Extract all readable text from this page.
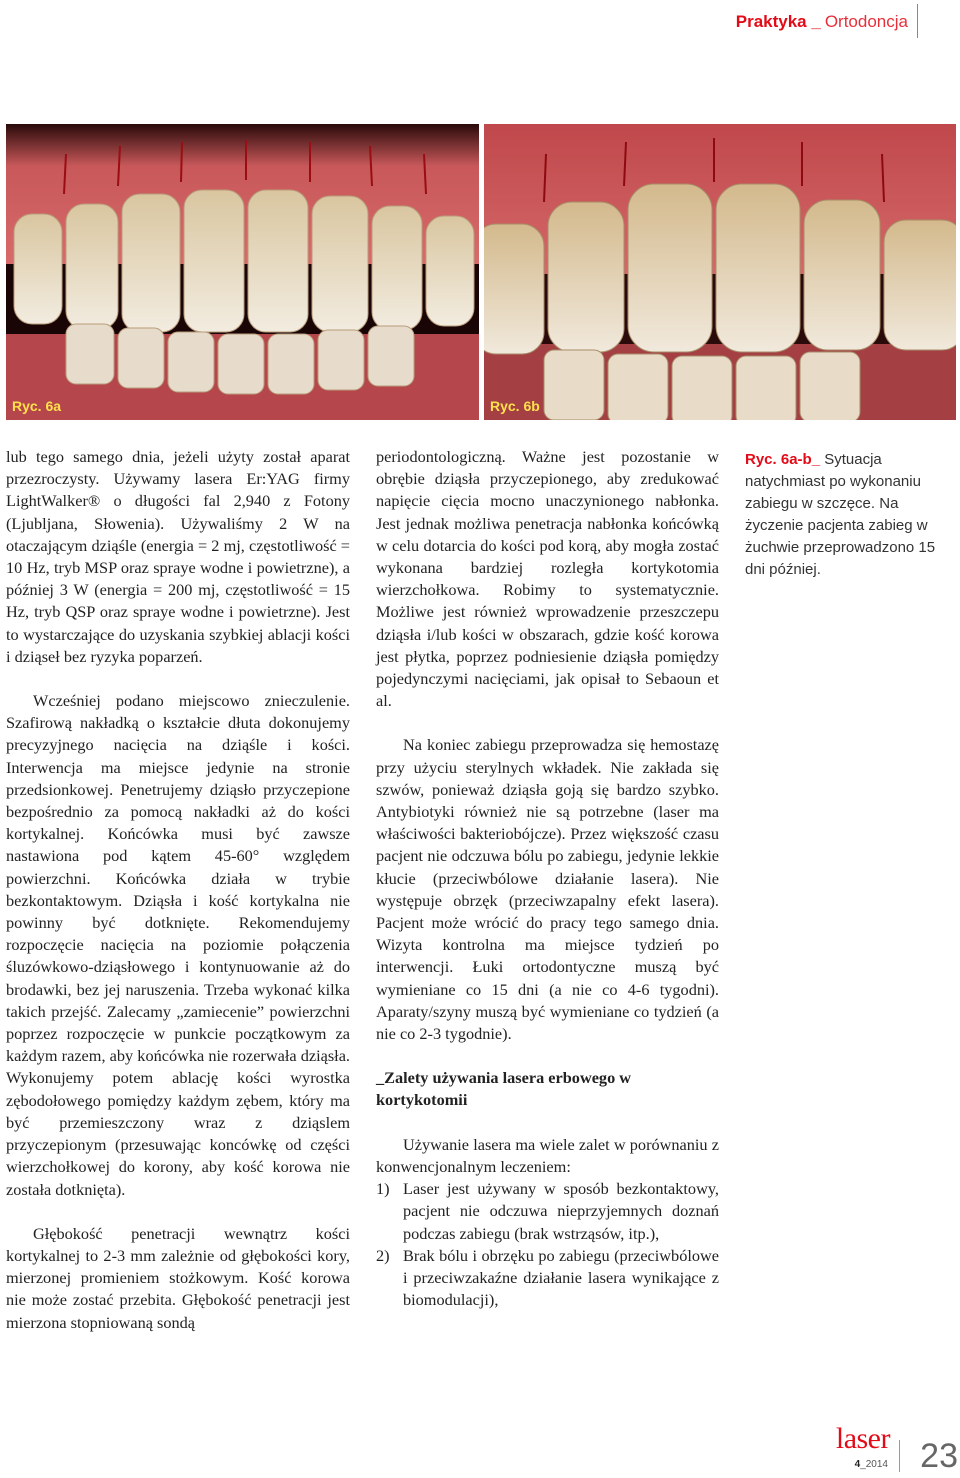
Praktyka _ Ortodoncja
Ryc. 6a	Ryc. 6b

lub tego samego dnia, jeżeli użyty został aparat przezroczysty. Używamy lasera Er:YAG firmy LightWalker® o długości fal 2,940 z Fotony (Ljubljana, Słowenia). Używaliśmy 2 W na otaczającym dziąśle (energia = 2 mj, częstotliwość = 10 Hz, tryb MSP oraz spraye wodne i powietrzne), a później 3 W (energia = 200 mj, częstotliwość = 15 Hz, tryb QSP oraz spraye wodne i powietrzne). Jest to wystarczające do uzyskania szybkiej ablacji kości i dziąseł bez ryzyka poparzeń.

Wcześniej podano miejscowo znieczulenie. Szafirową nakładką o kształcie dłuta dokonujemy precyzyjnego nacięcia na dziąśle i kości. Interwencja ma miejsce jedynie na stronie przedsionkowej. Penetrujemy dziąsło przyczepione bezpośrednio za pomocą nakładki aż do kości kortykalnej. Końcówka musi być zawsze nastawiona pod kątem 45-60° względem powierzchni. Końcówka działa w trybie bezkontaktowym. Dziąsła i kość kortykalna nie powinny być dotknięte. Rekomendujemy rozpoczęcie nacięcia na poziomie połączenia śluzówkowo-dziąsłowego i kontynuowanie aż do brodawki, bez jej naruszenia. Trzeba wykonać kilka takich przejść. Zalecamy „zamiecenie” powierzchni poprzez rozpoczęcie w punkcie początkowym za każdym razem, aby końcówka nie rozerwała dziąsła. Wykonujemy potem ablację kości wyrostka zębodołowego pomiędzy każdym zębem, który ma być przemieszczony wraz z dziąslem przyczepionym (przesuwając koncówkę od części wierzchołkowej do korony, aby kość korowa nie została dotknięta).

Głębokość penetracji wewnątrz kości kortykalnej to 2-3 mm zależnie od głębokości kory, mierzonej promieniem stożkowym. Kość korowa nie może zostać przebita. Głębokość penetracji jest mierzona stopniowaną sondą

periodontologiczną. Ważne jest pozostanie w obrębie dziąsła przyczepionego, aby zredukować napięcie cięcia mocno unaczynionego nabłonka. Jest jednak możliwa penetracja nabłonka końcówką w celu dotarcia do kości pod korą, aby mogła zostać wykonana bardziej rozległa kortykotomia wierzchołkowa. Robimy to systematycznie. Możliwe jest również wprowadzenie przeszczepu dziąsła i/lub kości w obszarach, gdzie kość korowa jest płytka, poprzez podniesienie dziąsła pomiędzy pojedynczymi nacięciami, jak opisał to Sebaoun et al.

Na koniec zabiegu przeprowadza się hemostazę przy użyciu sterylnych wkładek. Nie zakłada się szwów, ponieważ dziąsła goją się bardzo szybko. Antybiotyki również nie są potrzebne (laser ma właściwości bakteriobójcze). Przez większość czasu pacjent nie odczuwa bólu po zabiegu, jedynie lekkie kłucie (przeciwbólowe działanie lasera). Nie występuje obrzęk (przeciwzapalny efekt lasera). Pacjent może wrócić do pracy tego samego dnia. Wizyta kontrolna ma miejsce tydzień po interwencji. Łuki ortodontyczne muszą być wymieniane co 15 dni (a nie co 4-6 tygodni). Aparaty/szyny muszą być wymieniane co tydzień (a nie co 2-3 tygodnie).

_Zalety używania lasera erbowego w kortykotomii

Używanie lasera ma wiele zalet w porównaniu z konwencjonalnym leczeniem:

1) Laser jest używany w sposób bezkontaktowy, pacjent nie odczuwa nieprzyjemnych doznań podczas zabiegu (brak wstrząsów, itp.),
2) Brak bólu i obrzęku po zabiegu (przeciwbólowe i przeciwzakaźne działanie lasera wynikające z biomodulacji),
Ryc. 6a-b_ Sytuacja natychmiast po wykonaniu zabiegu w szczęce. Na życzenie pacjenta zabieg w żuchwie przeprowadzono 15 dni później.
laser
4_2014 23
